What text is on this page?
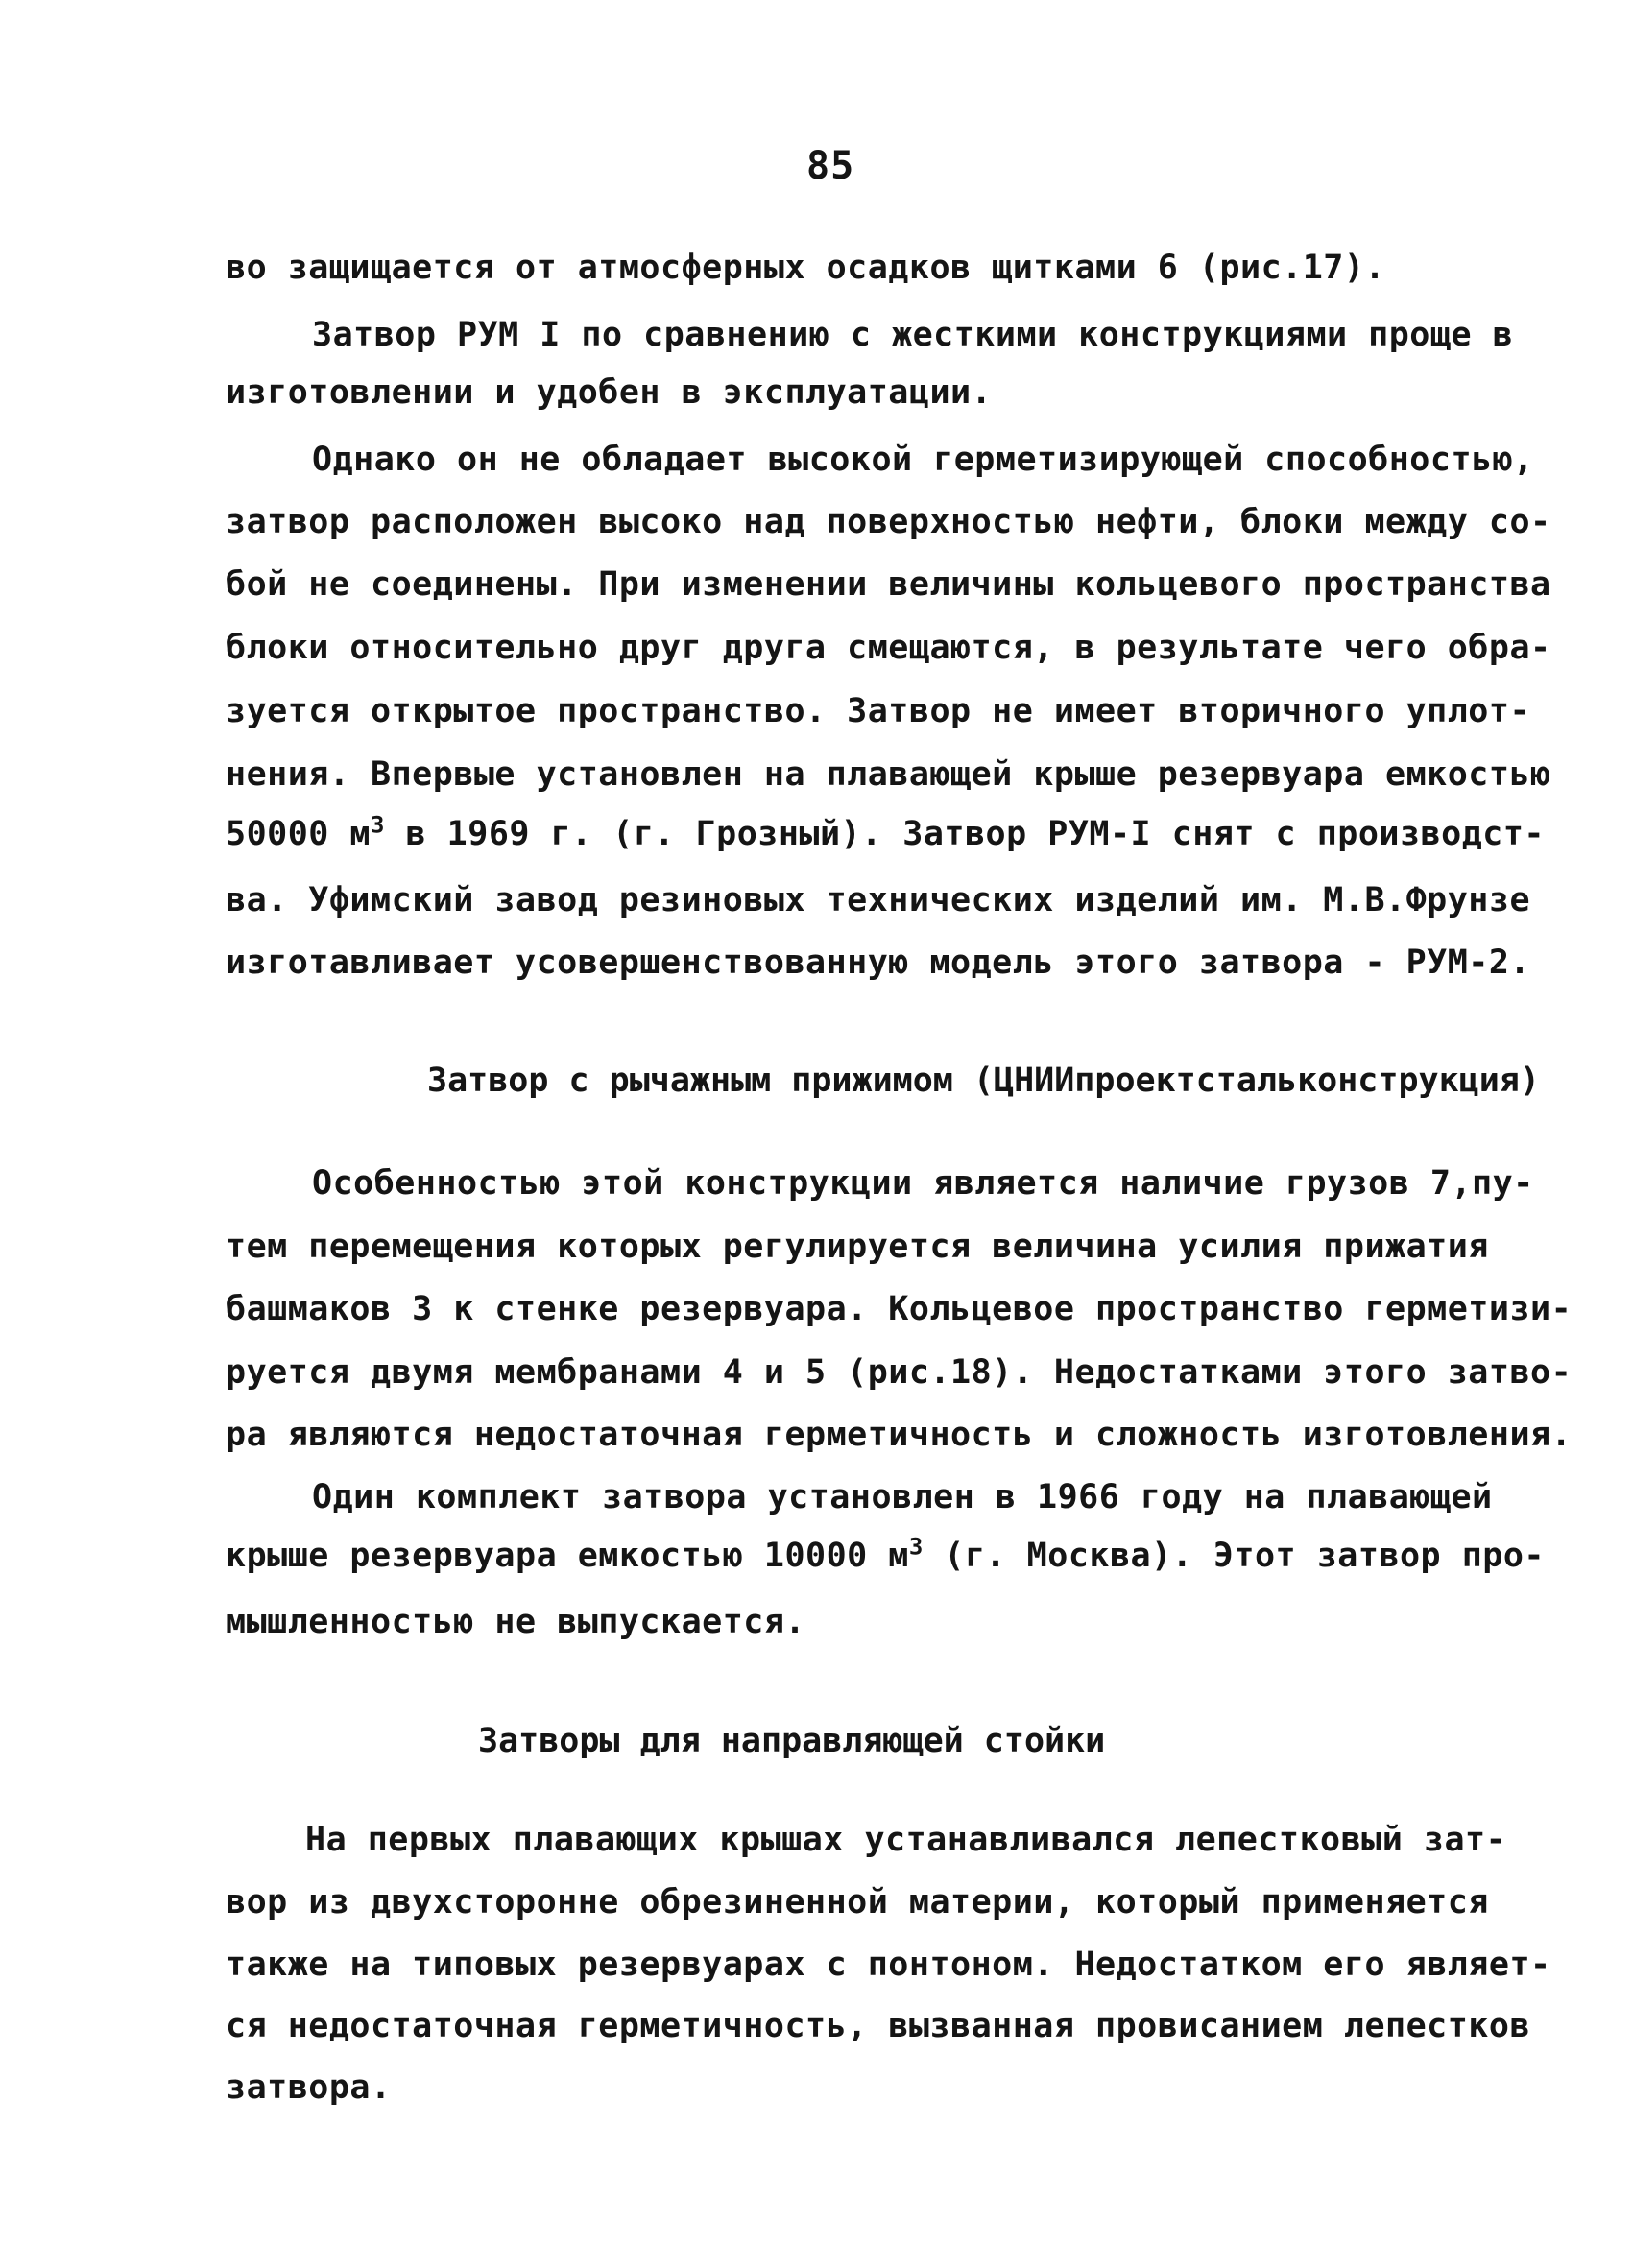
85
во защищается от атмосферных осадков щитками 6 (рис.17).
Затвор РУМ I по сравнению с жесткими конструкциями проще в
изготовлении и удобен в эксплуатации.
Однако он не обладает высокой герметизирующей способностью,
затвор расположен высоко над поверхностью нефти, блоки между со-
бой не соединены. При изменении величины кольцевого пространства
блоки относительно друг друга смещаются, в результате чего обра-
зуется открытое пространство. Затвор не имеет вторичного уплот-
нения. Впервые установлен на плавающей крыше резервуара емкостью
50000 $м^3$ в 1969 г. (г. Грозный). Затвор РУМ-I снят с производст-
ва. Уфимский завод резиновых технических изделий им. М.В.Фрунзе
изготавливает усовершенствованную модель этого затвора - РУМ-2.
Затвор с рычажным прижимом (ЦНИИпроектстальконструкция)
Особенностью этой конструкции является наличие грузов 7,пу-
тем перемещения которых регулируется величина усилия прижатия
башмаков 3 к стенке резервуара. Кольцевое пространство герметизи-
руется двумя мембранами 4 и 5 (рис.18). Недостатками этого затво-
ра являются недостаточная герметичность и сложность изготовления.
Один комплект затвора установлен в 1966 году на плавающей
крыше резервуара емкостью 10000 $м^3$ (г. Москва). Этот затвор про-
мышленностью не выпускается.
Затворы для направляющей стойки
На первых плавающих крышах устанавливался лепестковый зат-
вор из двухсторонне обрезиненной материи, который применяется
также на типовых резервуарах с понтоном. Недостатком его являет-
ся недостаточная герметичность, вызванная провисанием лепестков
затвора.
